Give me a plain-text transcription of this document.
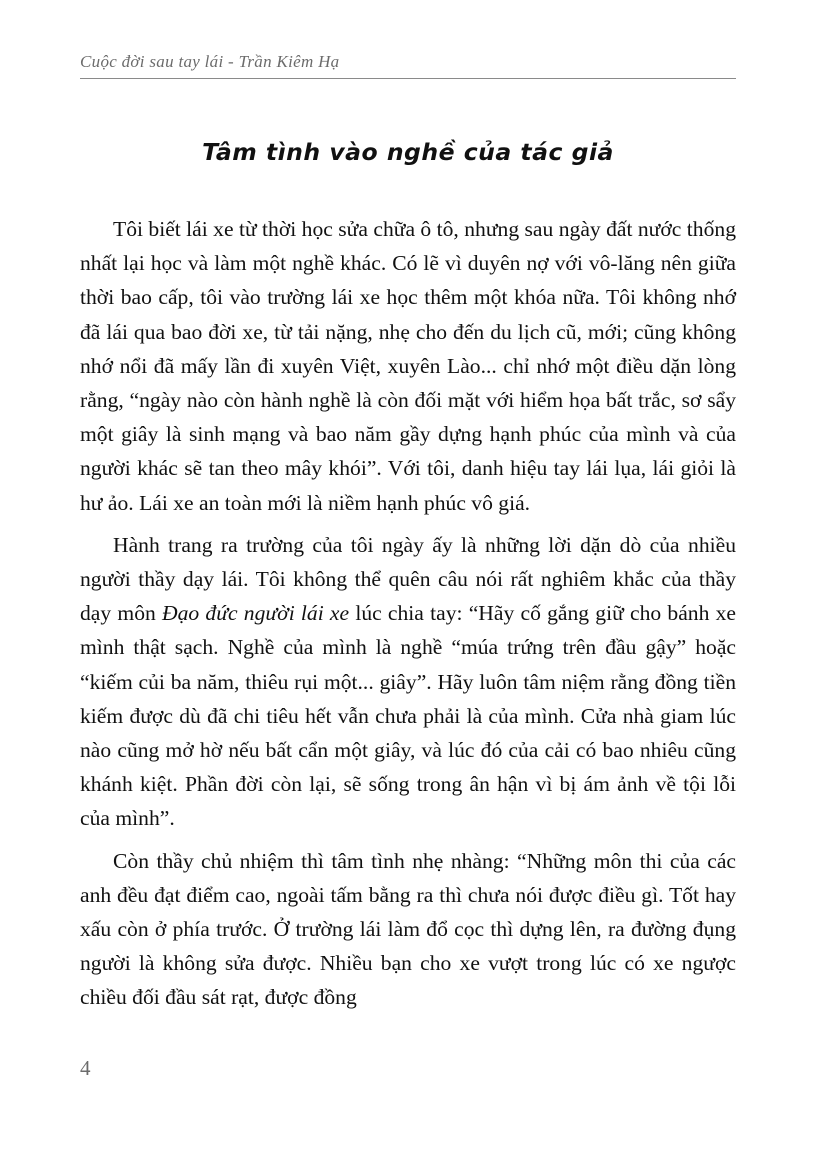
Cuộc đời sau tay lái - Trần Kiêm Hạ
Tâm tình vào nghề của tác giả

Tôi biết lái xe từ thời học sửa chữa ô tô, nhưng sau ngày đất nước thống nhất lại học và làm một nghề khác. Có lẽ vì duyên nợ với vô-lăng nên giữa thời bao cấp, tôi vào trường lái xe học thêm một khóa nữa. Tôi không nhớ đã lái qua bao đời xe, từ tải nặng, nhẹ cho đến du lịch cũ, mới; cũng không nhớ nổi đã mấy lần đi xuyên Việt, xuyên Lào... chỉ nhớ một điều dặn lòng rằng, “ngày nào còn hành nghề là còn đối mặt với hiểm họa bất trắc, sơ sẩy một giây là sinh mạng và bao năm gầy dựng hạnh phúc của mình và của người khác sẽ tan theo mây khói”. Với tôi, danh hiệu tay lái lụa, lái giỏi là hư ảo. Lái xe an toàn mới là niềm hạnh phúc vô giá.

Hành trang ra trường của tôi ngày ấy là những lời dặn dò của nhiều người thầy dạy lái. Tôi không thể quên câu nói rất nghiêm khắc của thầy dạy môn Đạo đức người lái xe lúc chia tay: “Hãy cố gắng giữ cho bánh xe mình thật sạch. Nghề của mình là nghề “múa trứng trên đầu gậy” hoặc “kiếm củi ba năm, thiêu rụi một... giây”. Hãy luôn tâm niệm rằng đồng tiền kiếm được dù đã chi tiêu hết vẫn chưa phải là của mình. Cửa nhà giam lúc nào cũng mở hờ nếu bất cẩn một giây, và lúc đó của cải có bao nhiêu cũng khánh kiệt. Phần đời còn lại, sẽ sống trong ân hận vì bị ám ảnh về tội lỗi của mình”.

Còn thầy chủ nhiệm thì tâm tình nhẹ nhàng: “Những môn thi của các anh đều đạt điểm cao, ngoài tấm bằng ra thì chưa nói được điều gì. Tốt hay xấu còn ở phía trước. Ở trường lái làm đổ cọc thì dựng lên, ra đường đụng người là không sửa được. Nhiều bạn cho xe vượt trong lúc có xe ngược chiều đối đầu sát rạt, được đồng

4
